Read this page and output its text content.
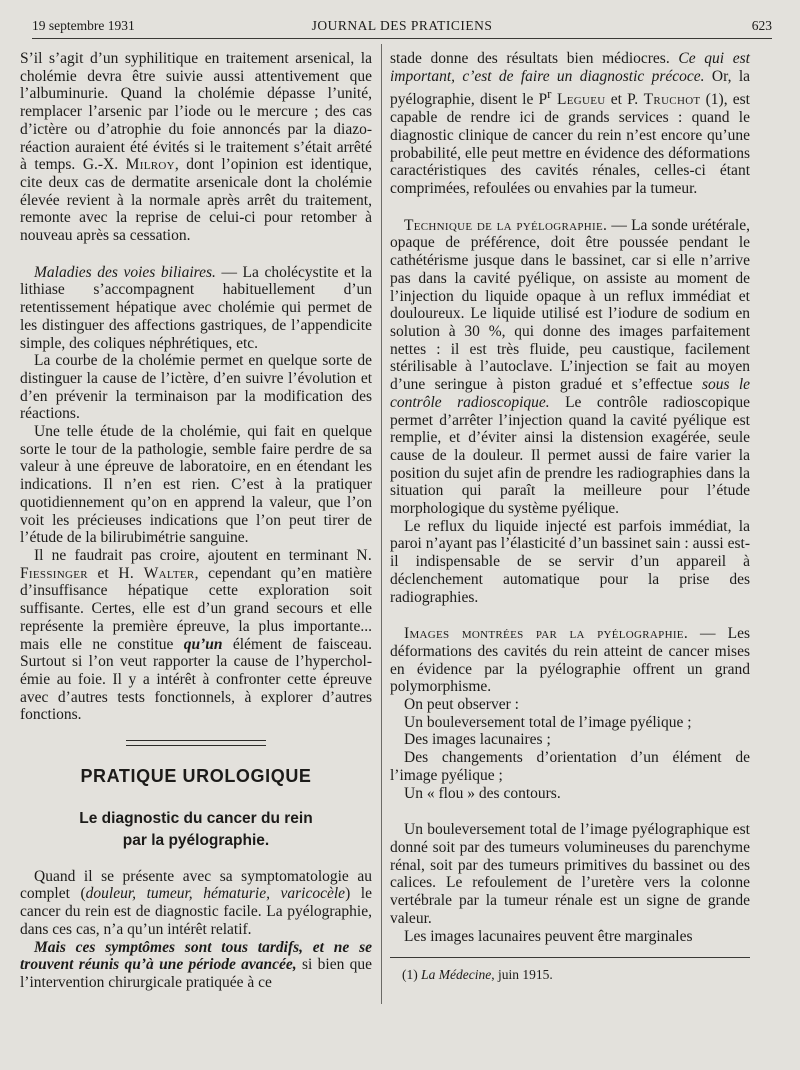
19 septembre 1931	JOURNAL DES PRATICIENS	623

S’il s’agit d’un syphilitique en traitement arsenical, la cholémie devra être suivie aussi attentivement que l’albuminurie. Quand la cholémie dépasse l’unité, remplacer l’arsenic par l’iode ou le mercure ; des cas d’ictère ou d’atrophie du foie annoncés par la diazo-réaction auraient été évités si le traitement s’était arrêté à temps. G.-X. Milroy, dont l’opinion est identique, cite deux cas de dermatite arsenicale dont la cholémie élevée revient à la normale après arrêt du traitement, remonte avec la reprise de celui-ci pour retomber à nouveau après sa cessation.

Maladies des voies biliaires. — La cholécystite et la lithiase s’accompagnent habituellement d’un retentissement hépatique avec cholémie qui permet de les distinguer des affections gastriques, de l’appendicite simple, des coliques néphrétiques, etc.

La courbe de la cholémie permet en quelque sorte de distinguer la cause de l’ictère, d’en suivre l’évolution et d’en prévenir la terminaison par la modification des réactions.

Une telle étude de la cholémie, qui fait en quelque sorte le tour de la pathologie, semble faire perdre de sa valeur à une épreuve de laboratoire, en en étendant les indications. Il n’en est rien. C’est à la pratiquer quotidiennement qu’on en apprend la valeur, que l’on voit les précieuses indications que l’on peut tirer de l’étude de la bilirubimétrie sanguine.

Il ne faudrait pas croire, ajoutent en terminant N. Fiessinger et H. Walter, cependant qu’en matière d’insuffisance hépatique cette exploration soit suffisante. Certes, elle est d’un grand secours et elle représente la première épreuve, la plus importante... mais elle ne constitue qu’un élément de faisceau. Surtout si l’on veut rapporter la cause de l’hypercholémie au foie. Il y a intérêt à confronter cette épreuve avec d’autres tests fonctionnels, à explorer d’autres fonctions.

PRATIQUE UROLOGIQUE
Le diagnostic du cancer du rein
par la pyélographie.

Quand il se présente avec sa symptomatologie au complet (douleur, tumeur, hématurie, varicocèle) le cancer du rein est de diagnostic facile. La pyélographie, dans ces cas, n’a qu’un intérêt relatif.

Mais ces symptômes sont tous tardifs, et ne se trouvent réunis qu’à une période avancée, si bien que l’intervention chirurgicale pratiquée à ce

stade donne des résultats bien médiocres. Ce qui est important, c’est de faire un diagnostic précoce. Or, la pyélographie, disent le $P^r$ Legueu et P. Truchot (1), est capable de rendre ici de grands services : quand le diagnostic clinique de cancer du rein n’est encore qu’une probabilité, elle peut mettre en évidence des déformations caractéristiques des cavités rénales, celles-ci étant comprimées, refoulées ou envahies par la tumeur.

Technique de la pyélographie. — La sonde urétérale, opaque de préférence, doit être poussée pendant le cathétérisme jusque dans le bassinet, car si elle n’arrive pas dans la cavité pyélique, on assiste au moment de l’injection du liquide opaque à un reflux immédiat et douloureux. Le liquide utilisé est l’iodure de sodium en solution à 30 %, qui donne des images parfaitement nettes : il est très fluide, peu caustique, facilement stérilisable à l’autoclave. L’injection se fait au moyen d’une seringue à piston gradué et s’effectue sous le contrôle radioscopique. Le contrôle radioscopique permet d’arrêter l’injection quand la cavité pyélique est remplie, et d’éviter ainsi la distension exagérée, seule cause de la douleur. Il permet aussi de faire varier la position du sujet afin de prendre les radiographies dans la situation qui paraît la meilleure pour l’étude morphologique du système pyélique.

Le reflux du liquide injecté est parfois immédiat, la paroi n’ayant pas l’élasticité d’un bassinet sain : aussi est-il indispensable de se servir d’un appareil à déclenchement automatique pour la prise des radiographies.

Images montrées par la pyélographie. — Les déformations des cavités du rein atteint de cancer mises en évidence par la pyélographie offrent un grand polymorphisme.

On peut observer :
Un bouleversement total de l’image pyélique ;
Des images lacunaires ;
Des changements d’orientation d’un élément de l’image pyélique ;
Un « flou » des contours.

Un bouleversement total de l’image pyélographique est donné soit par des tumeurs volumineuses du parenchyme rénal, soit par des tumeurs primitives du bassinet ou des calices. Le refoulement de l’uretère vers la colonne vertébrale par la tumeur rénale est un signe de grande valeur.

Les images lacunaires peuvent être marginales

(1) La Médecine, juin 1915.
